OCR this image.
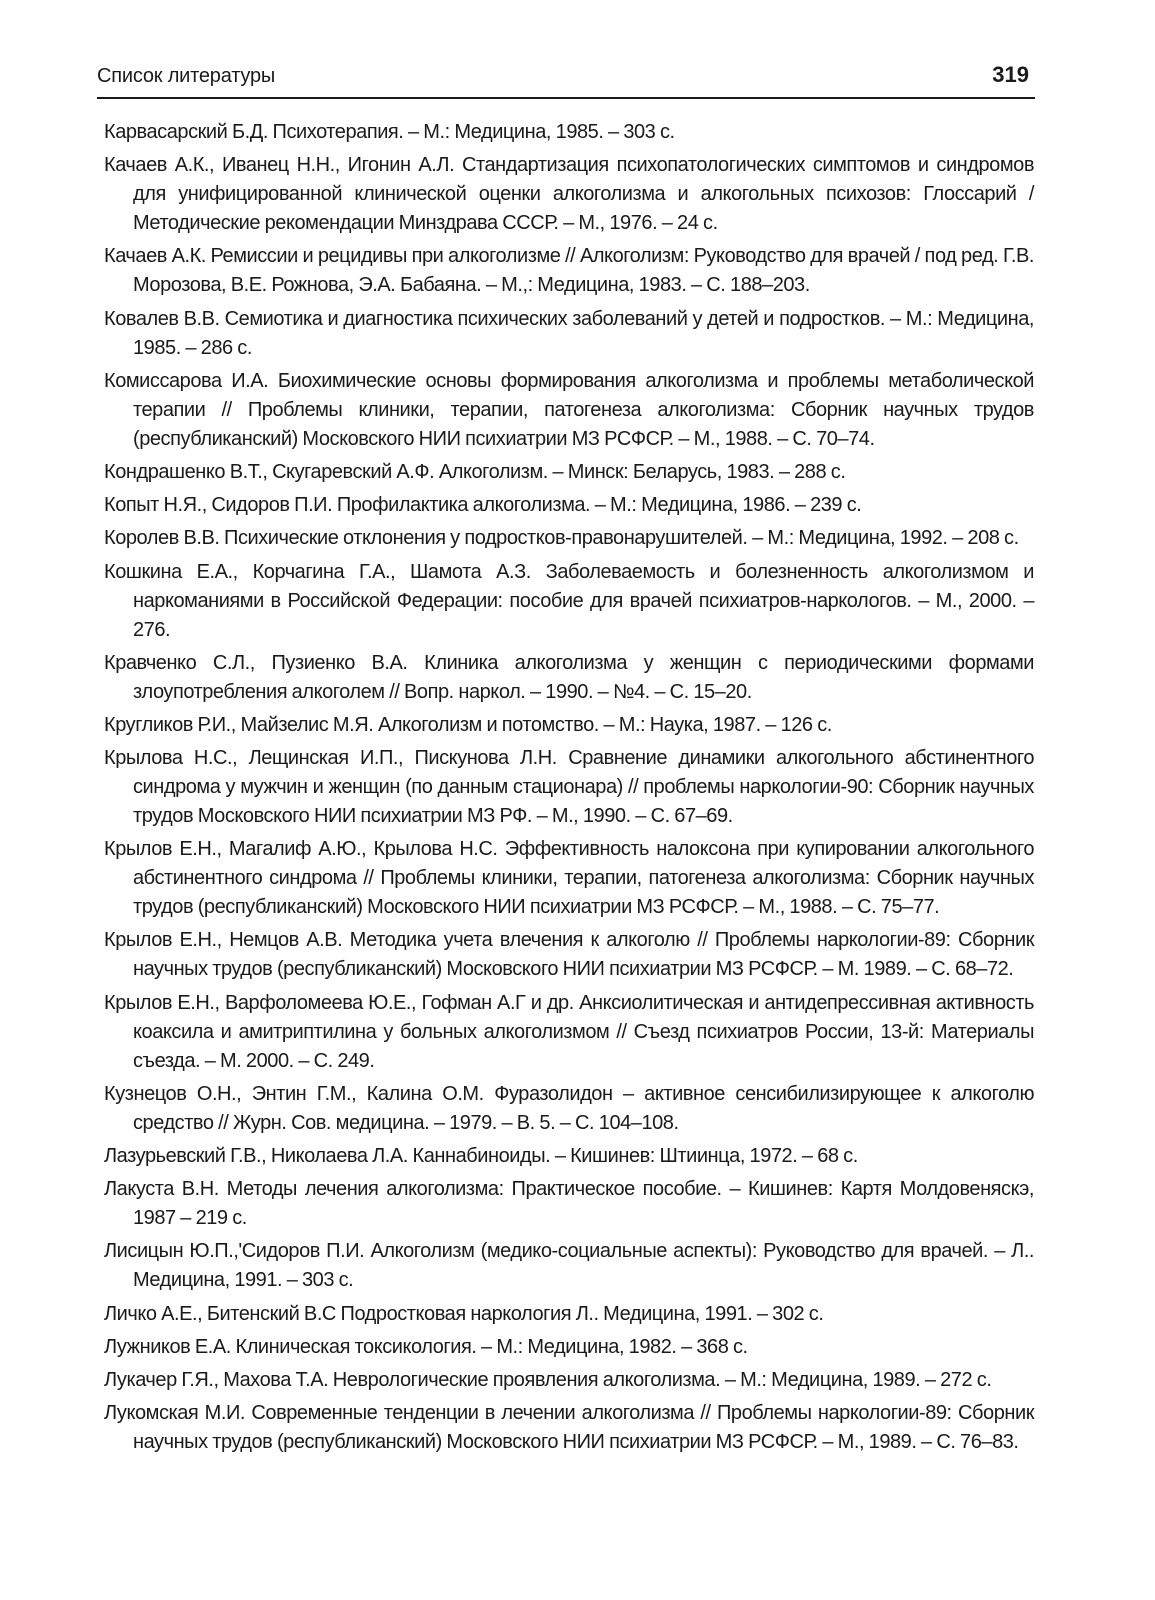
Список литературы	319
Карвасарский Б.Д. Психотерапия. – М.: Медицина, 1985. – 303 с.
Качаев А.К., Иванец Н.Н., Игонин А.Л. Стандартизация психопатологических симптомов и синдромов для унифицированной клинической оценки алкоголизма и алкогольных психозов: Глоссарий / Методические рекомендации Минздрава СССР. – М., 1976. – 24 с.
Качаев А.К. Ремиссии и рецидивы при алкоголизме // Алкоголизм: Руководство для врачей / под ред. Г.В. Морозова, В.Е. Рожнова, Э.А. Бабаяна. – М.,: Медицина, 1983. – С. 188–203.
Ковалев В.В. Семиотика и диагностика психических заболеваний у детей и подростков. – М.: Медицина, 1985. – 286 с.
Комиссарова И.А. Биохимические основы формирования алкоголизма и проблемы метаболической терапии // Проблемы клиники, терапии, патогенеза алкоголизма: Сборник научных трудов (республиканский) Московского НИИ психиатрии МЗ РСФСР. – М., 1988. – С. 70–74.
Кондрашенко В.Т., Скугаревский А.Ф. Алкоголизм. – Минск: Беларусь, 1983. – 288 с.
Копыт Н.Я., Сидоров П.И. Профилактика алкоголизма. – М.: Медицина, 1986. – 239 с.
Королев В.В. Психические отклонения у подростков-правонарушителей. – М.: Медицина, 1992. – 208 с.
Кошкина Е.А., Корчагина Г.А., Шамота А.З. Заболеваемость и болезненность алкоголизмом и наркоманиями в Российской Федерации: пособие для врачей психиатров-наркологов. – М., 2000. – 276.
Кравченко С.Л., Пузиенко В.А. Клиника алкоголизма у женщин с периодическими формами злоупотребления алкоголем // Вопр. наркол. – 1990. – №4. – С. 15–20.
Кругликов Р.И., Майзелис М.Я. Алкоголизм и потомство. – М.: Наука, 1987. – 126 с.
Крылова Н.С., Лещинская И.П., Пискунова Л.Н. Сравнение динамики алкогольного абстинентного синдрома у мужчин и женщин (по данным стационара) // проблемы наркологии-90: Сборник научных трудов Московского НИИ психиатрии МЗ РФ. – М., 1990. – С. 67–69.
Крылов Е.Н., Магалиф А.Ю., Крылова Н.С. Эффективность налоксона при купировании алкогольного абстинентного синдрома // Проблемы клиники, терапии, патогенеза алкоголизма: Сборник научных трудов (республиканский) Московского НИИ психиатрии МЗ РСФСР. – М., 1988. – С. 75–77.
Крылов Е.Н., Немцов А.В. Методика учета влечения к алкоголю // Проблемы наркологии-89: Сборник научных трудов (республиканский) Московского НИИ психиатрии МЗ РСФСР. – М. 1989. – С. 68–72.
Крылов Е.Н., Варфоломеева Ю.Е., Гофман А.Г и др. Анксиолитическая и антидепрессивная активность коаксила и амитриптилина у больных алкоголизмом // Съезд психиатров России, 13-й: Материалы съезда. – М. 2000. – С. 249.
Кузнецов О.Н., Энтин Г.М., Калина О.М. Фуразолидон – активное сенсибилизирующее к алкоголю средство // Журн. Сов. медицина. – 1979. – В. 5. – С. 104–108.
Лазурьевский Г.В., Николаева Л.А. Каннабиноиды. – Кишинев: Штиинца, 1972. – 68 с.
Лакуста В.Н. Методы лечения алкоголизма: Практическое пособие. – Кишинев: Картя Молдовеняскэ, 1987 – 219 с.
Лисицын Ю.П.,'Сидоров П.И. Алкоголизм (медико-социальные аспекты): Руководство для врачей. – Л.. Медицина, 1991. – 303 с.
Личко А.Е., Битенский В.С Подростковая наркология Л.. Медицина, 1991. – 302 с.
Лужников Е.А. Клиническая токсикология. – М.: Медицина, 1982. – 368 с.
Лукачер Г.Я., Махова Т.А. Неврологические проявления алкоголизма. – М.: Медицина, 1989. – 272 с.
Лукомская М.И. Современные тенденции в лечении алкоголизма // Проблемы наркологии-89: Сборник научных трудов (республиканский) Московского НИИ психиатрии МЗ РСФСР. – М., 1989. – С. 76–83.
